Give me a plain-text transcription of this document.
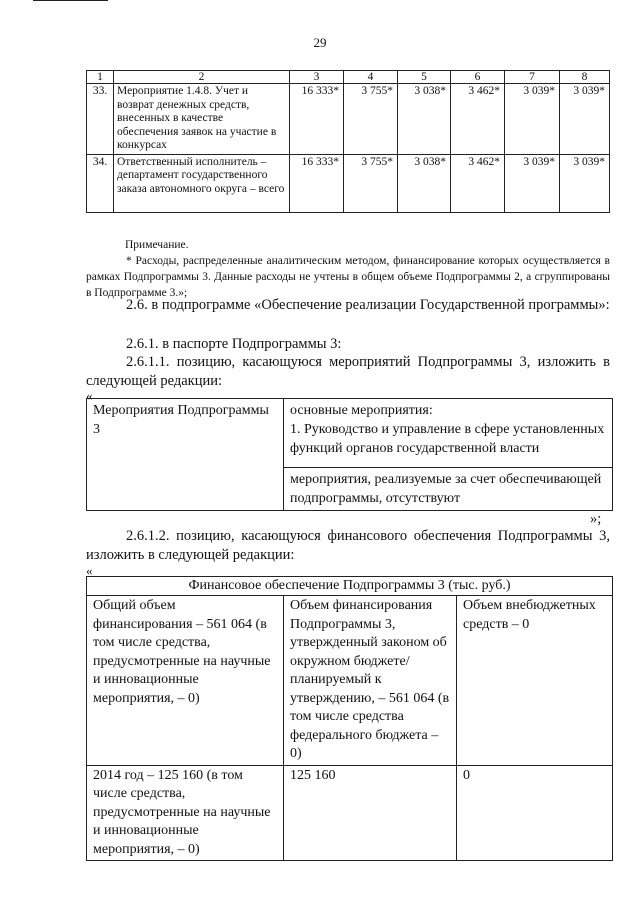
29
1	2	3	4	5	6	7	8
33.	Мероприятие 1.4.8. Учет и возврат денежных средств, внесенных в качестве обеспечения заявок на участие в конкурсах	16 333*	3 755*	3 038*	3 462*	3 039*	3 039*
34.	Ответственный исполнитель – департамент государственного заказа автономного округа – всего	16 333*	3 755*	3 038*	3 462*	3 039*	3 039*
Примечание.
* Расходы, распределенные аналитическим методом, финансирование которых осуществляется в рамках Подпрограммы 3. Данные расходы не учтены в общем объеме Подпрограммы 2, а сгруппированы в Подпрограмме 3.»;
2.6. в подпрограмме «Обеспечение реализации Государственной программы»:
2.6.1. в паспорте Подпрограммы 3:
2.6.1.1. позицию, касающуюся мероприятий Подпрограммы 3, изложить в следующей редакции:
«
Мероприятия Подпрограммы 3	основные мероприятия:
1. Руководство и управление в сфере установленных функций органов государственной власти
мероприятия, реализуемые за счет обеспечивающей подпрограммы, отсутствуют
»;
2.6.1.2. позицию, касающуюся финансового обеспечения Подпрограммы 3, изложить в следующей редакции:
«
Финансовое обеспечение Подпрограммы 3 (тыс. руб.)		
Общий объем финансирования – 561 064 (в том числе средства, предусмотренные на научные и инновационные мероприятия, – 0)	Объем финансирования Подпрограммы 3, утвержденный законом об окружном бюджете/планируемый к утверждению, – 561 064 (в том числе средства федерального бюджета – 0)	Объем внебюджетных средств – 0
2014 год – 125 160 (в том числе средства, предусмотренные на научные и инновационные мероприятия, – 0)	125 160	0
